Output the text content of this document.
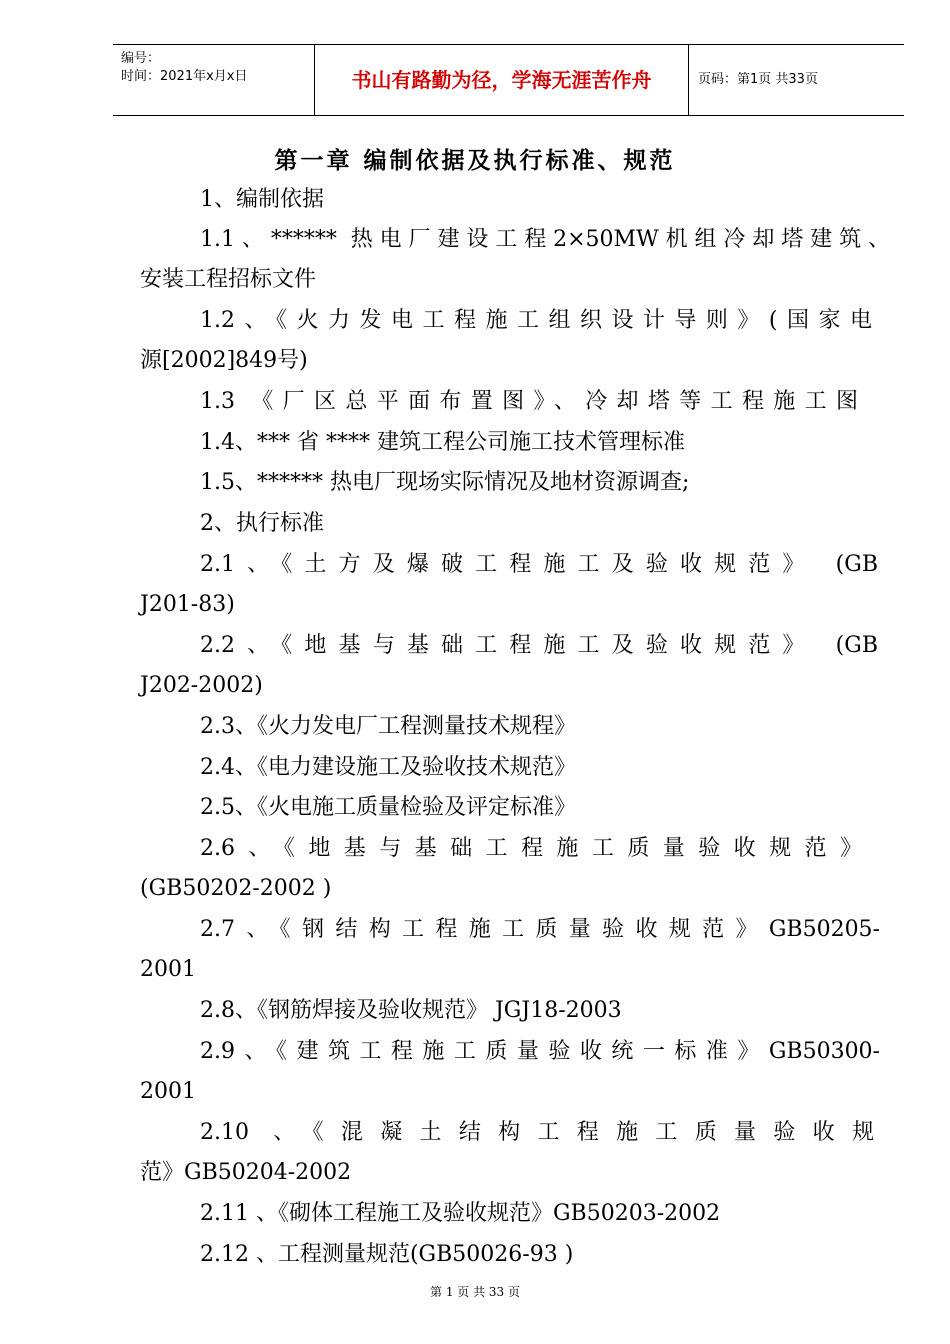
编号：
时间：2021年x月x日	书山有路勤为径，学海无涯苦作舟	页码：第1页 共33页
第一章 编制依据及执行标准、规范
1、编制依据
1.1、****** 热电厂建设工程2×50MW机组冷却塔建筑、
安装工程招标文件
1.2、《火力发电工程施工组织设计导则》(国家电
源[2002]849号)
1.3 《厂区总平面布置图》、冷却塔等工程施工图
1.4、*** 省 **** 建筑工程公司施工技术管理标准
1.5、****** 热电厂现场实际情况及地材资源调查;
2、执行标准
2.1、《土方及爆破工程施工及验收规范》 (GB
J201-83)
2.2、《地基与基础工程施工及验收规范》 (GB
J202-2002)
2.3、《火力发电厂工程测量技术规程》
2.4、《电力建设施工及验收技术规范》
2.5、《火电施工质量检验及评定标准》
2.6、《地基与基础工程施工质量验收规范》
(GB50202-2002 )
2.7、《钢结构工程施工质量验收规范》GB50205-
2001
2.8、《钢筋焊接及验收规范》 JGJ18-2003
2.9、《建筑工程施工质量验收统一标准》GB50300-
2001
2.10 、《混凝土结构工程施工质量验收规
范》GB50204-2002
2.11 、《砌体工程施工及验收规范》GB50203-2002
2.12 、工程测量规范(GB50026-93 )
第 1 页 共 33 页
